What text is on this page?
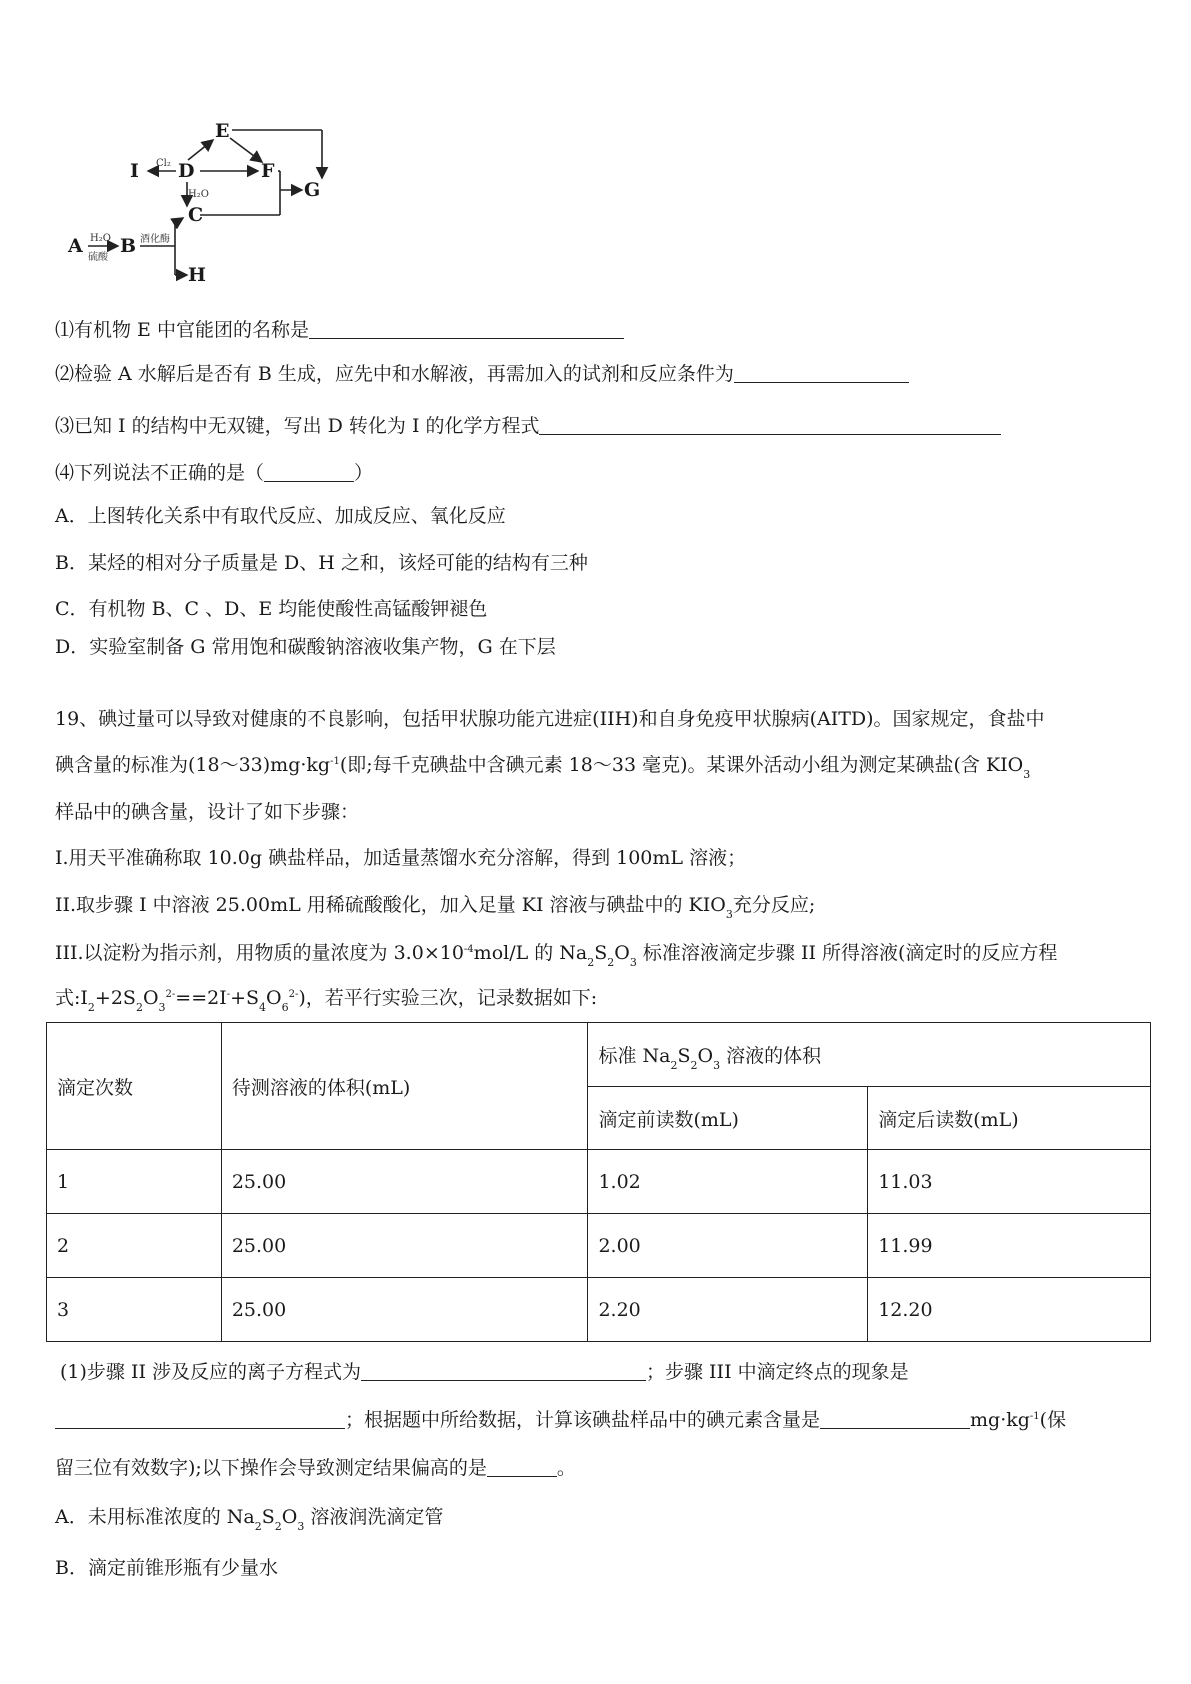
A B
C
D
E
F
G
H
I
H₂O
硫酸
酒化酶
Cl₂
H₂O
⑴有机物 E 中官能团的名称是
⑵检验 A 水解后是否有 B 生成，应先中和水解液，再需加入的试剂和反应条件为
⑶已知 I 的结构中无双键，写出 D 转化为 I 的化学方程式
⑷下列说法不正确的是（	）
A．上图转化关系中有取代反应、加成反应、氧化反应
B．某烃的相对分子质量是 D、H 之和，该烃可能的结构有三种
C．有机物 B、C 、D、E 均能使酸性高锰酸钾褪色
D．实验室制备 G 常用饱和碳酸钠溶液收集产物，G 在下层
19、碘过量可以导致对健康的不良影响，包括甲状腺功能亢进症(IIH)和自身免疫甲状腺病(AITD)。国家规定，食盐中
碘含量的标准为$(18\sim 33)mg\cdot kg^{-1}$(即;每千克碘盐中含碘元素 18～33 毫克)。某课外活动小组为测定某碘盐(含 $KIO_3$
样品中的碘含量，设计了如下步骤：
Ⅰ.用天平准确称取 10.0g 碘盐样品，加适量蒸馏水充分溶解，得到 100mL 溶液；
II.取步骤 I 中溶液 25.00mL 用稀硫酸酸化，加入足量 KI 溶液与碘盐中的 $KIO_3$充分反应;
III.以淀粉为指示剂，用物质的量浓度为 $3.0\times 10^{-4}mol/L$ 的 $Na_2S_2O_3$ 标准溶液滴定步骤 II 所得溶液(滴定时的反应方程
式$:I_2+2S_2O_3^{2-}==2I^-+S_4O_6^{2-}$)，若平行实验三次，记录数据如下:
滴定次数	待测溶液的体积(mL)	标准 $Na_2S_2O_3$ 溶液的体积	
		滴定前读数(mL)	滴定后读数(mL)
1	25.00	1.02	11.03
2	25.00	2.00	11.99
3	25.00	2.20	12.20
(1)步骤 II 涉及反应的离子方程式为	；步骤 III 中滴定终点的现象是
；根据题中所给数据，计算该碘盐样品中的碘元素含量是	$mg\cdot kg^{-1}$(保
留三位有效数字);以下操作会导致测定结果偏高的是	。
A．未用标准浓度的 $Na_2S_2O_3$ 溶液润洗滴定管
B．滴定前锥形瓶有少量水
